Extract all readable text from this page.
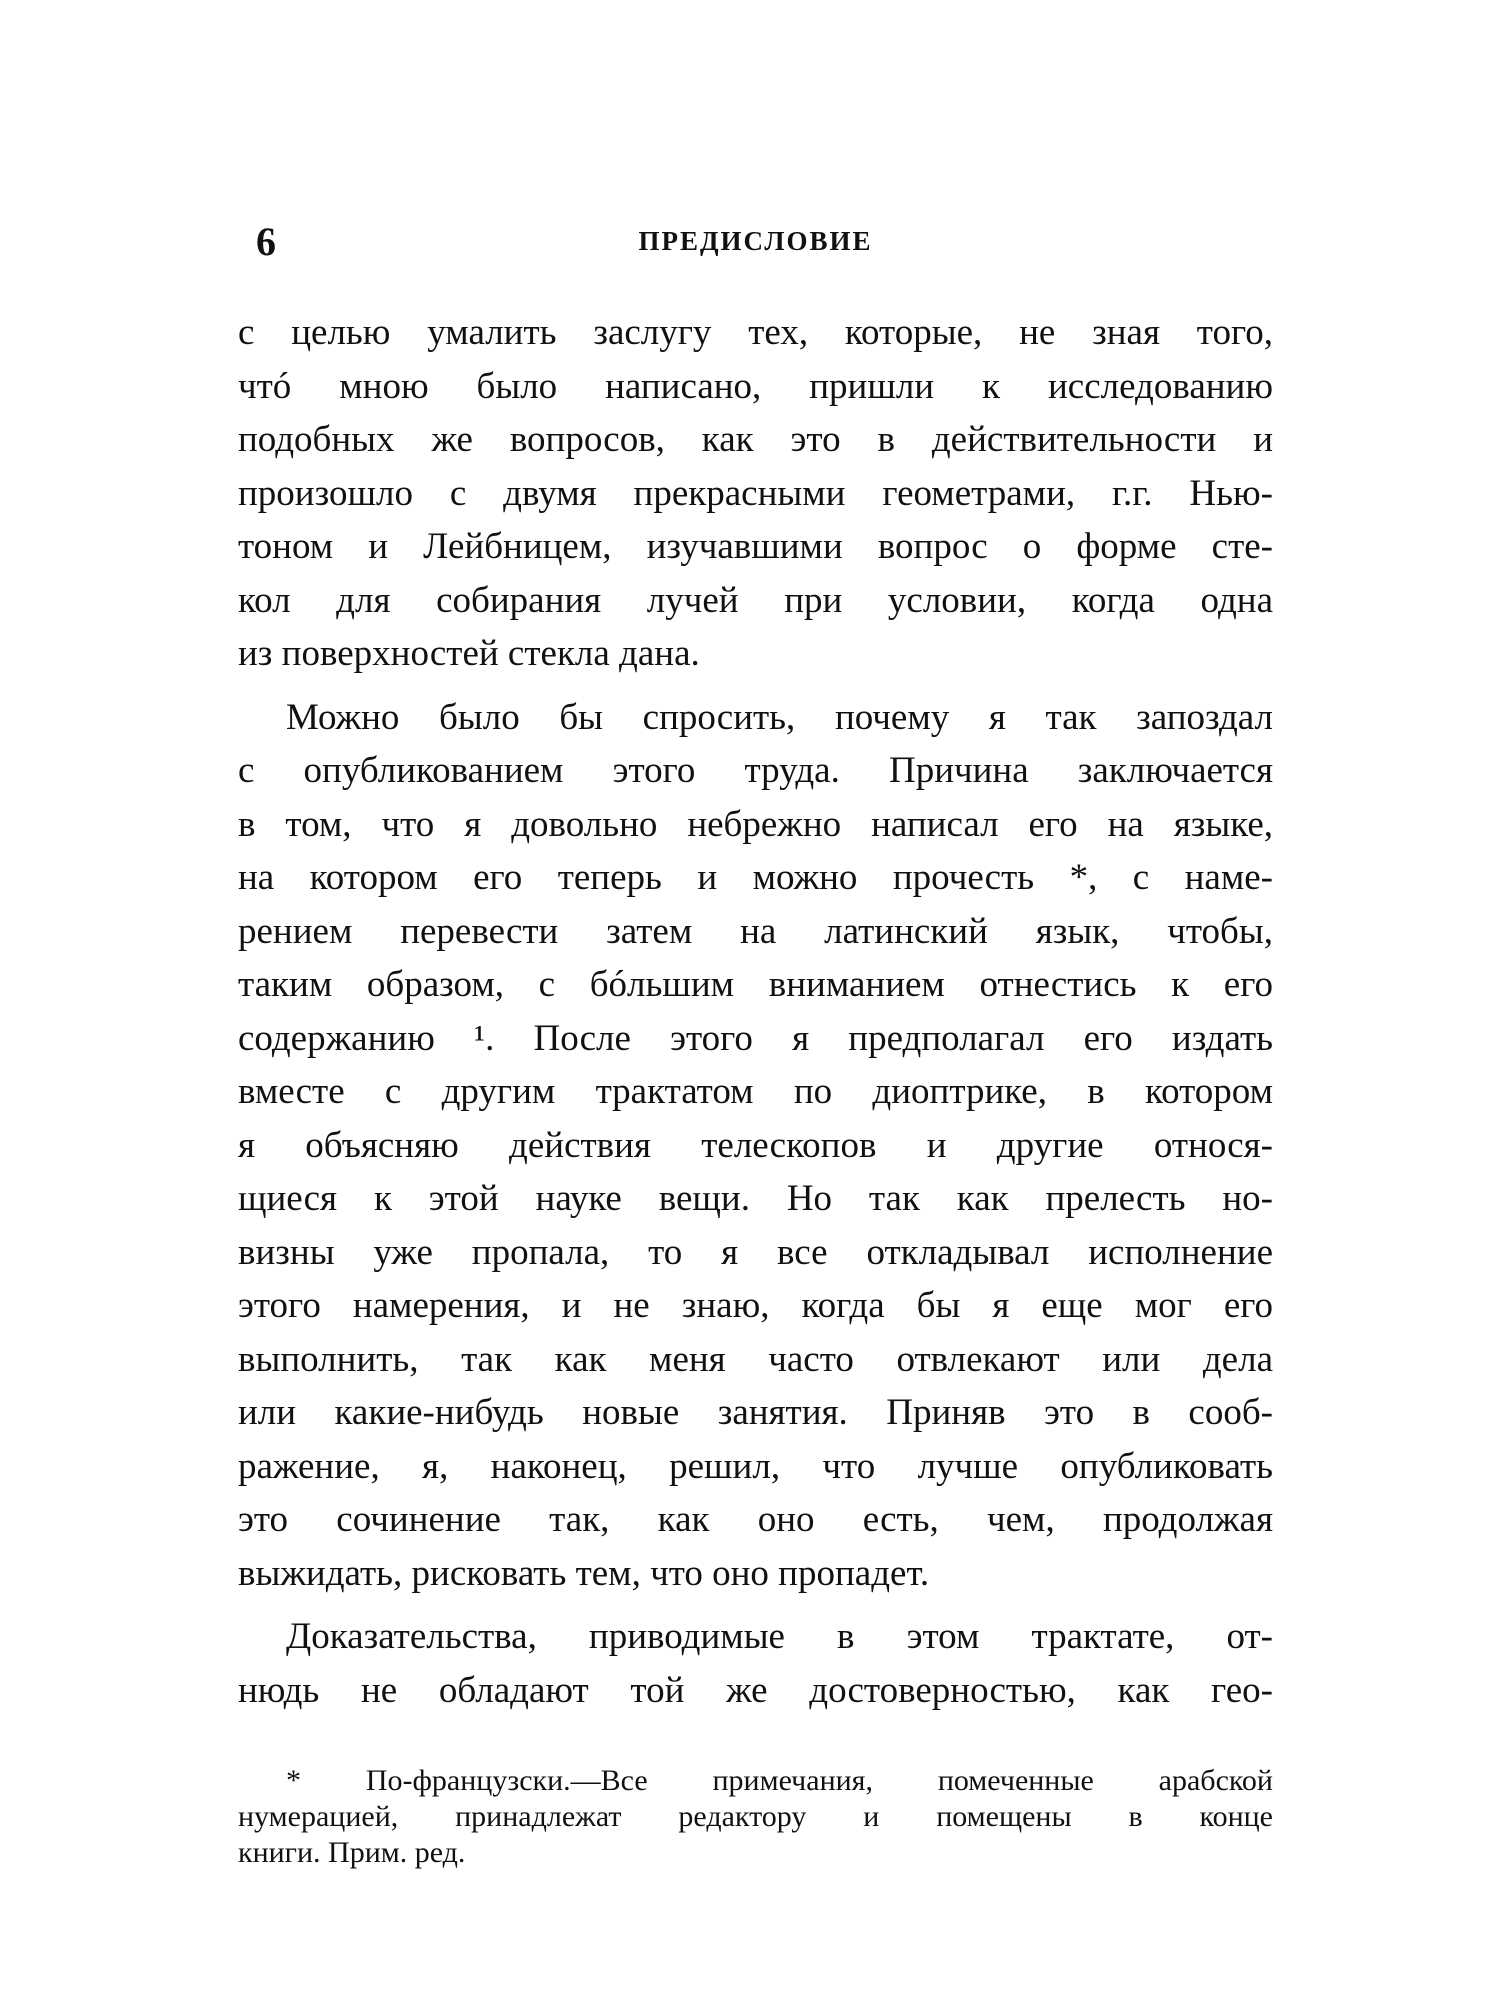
6	ПРЕДИСЛОВИЕ

с целью умалить заслугу тех, которые, не зная того,
чтó мною было написано, пришли к исследованию
подобных же вопросов, как это в действительности и
произошло с двумя прекрасными геометрами, г.г. Нью-
тоном и Лейбницем, изучавшими вопрос о форме сте-
кол для собирания лучей при условии, когда одна
из поверхностей стекла дана.

Можно было бы спросить, почему я так запоздал
с опубликованием этого труда. Причина заключается
в том, что я довольно небрежно написал его на языке,
на котором его теперь и можно прочесть *, с наме-
рением перевести затем на латинский язык, чтобы,
таким образом, с бóльшим вниманием отнестись к его
содержанию ¹. После этого я предполагал его издать
вместе с другим трактатом по диоптрике, в котором
я объясняю действия телескопов и другие относя-
щиеся к этой науке вещи. Но так как прелесть но-
визны уже пропала, то я все откладывал исполнение
этого намерения, и не знаю, когда бы я еще мог его
выполнить, так как меня часто отвлекают или дела
или какие-нибудь новые занятия. Приняв это в сооб-
ражение, я, наконец, решил, что лучше опубликовать
это сочинение так, как оно есть, чем, продолжая
выжидать, рисковать тем, что оно пропадет.

Доказательства, приводимые в этом трактате, от-
нюдь не обладают той же достоверностью, как гео-

* По-французски.—Все примечания, помеченные арабской
нумерацией, принадлежат редактору и помещены в конце
книги. Прим. ред.
